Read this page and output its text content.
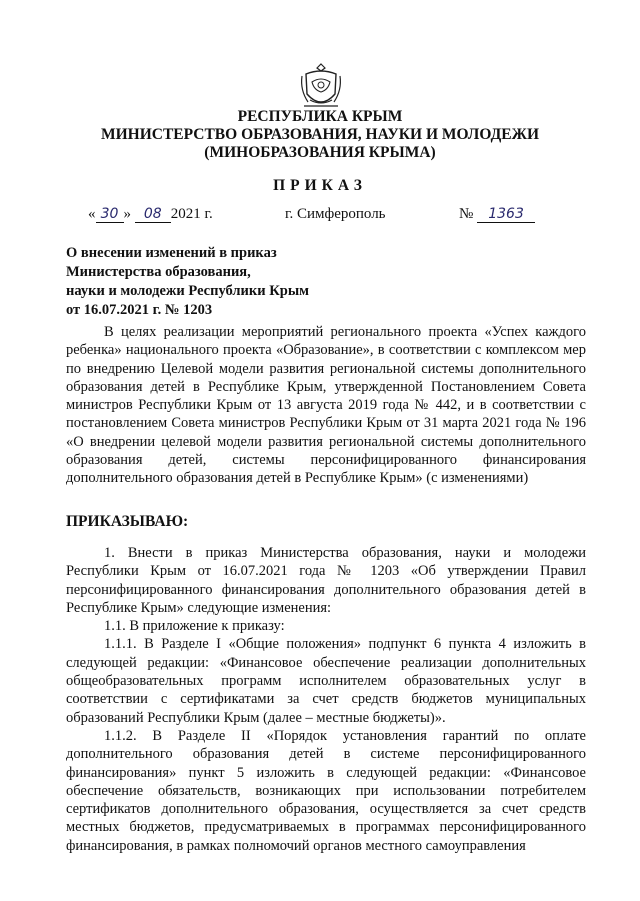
РЕСПУБЛИКА КРЫМ
МИНИСТЕРСТВО ОБРАЗОВАНИЯ, НАУКИ И МОЛОДЕЖИ
(МИНОБРАЗОВАНИЯ КРЫМА)
ПРИКАЗ
« 30 » 08 2021 г.	г. Симферополь	№ 1363
О внесении изменений в приказ
Министерства образования,
науки и молодежи Республики Крым
от 16.07.2021 г. № 1203

В целях реализации мероприятий регионального проекта «Успех каждого ребенка» национального проекта «Образование», в соответствии с комплексом мер по внедрению Целевой модели развития региональной системы дополнительного образования детей в Республике Крым, утвержденной Постановлением Совета министров Республики Крым от 13 августа 2019 года № 442, и в соответствии с постановлением Совета министров Республики Крым от 31 марта 2021 года № 196 «О внедрении целевой модели развития региональной системы дополнительного образования детей, системы персонифицированного финансирования дополнительного образования детей в Республике Крым» (с изменениями)

ПРИКАЗЫВАЮ:

1. Внести в приказ Министерства образования, науки и молодежи Республики Крым от 16.07.2021 года № 1203 «Об утверждении Правил персонифицированного финансирования дополнительного образования детей в Республике Крым» следующие изменения:

1.1. В приложение к приказу:

1.1.1. В Разделе I «Общие положения» подпункт 6 пункта 4 изложить в следующей редакции: «Финансовое обеспечение реализации дополнительных общеобразовательных программ исполнителем образовательных услуг в соответствии с сертификатами за счет средств бюджетов муниципальных образований Республики Крым (далее – местные бюджеты)».

1.1.2. В Разделе II «Порядок установления гарантий по оплате дополнительного образования детей в системе персонифицированного финансирования» пункт 5 изложить в следующей редакции: «Финансовое обеспечение обязательств, возникающих при использовании потребителем сертификатов дополнительного образования, осуществляется за счет средств местных бюджетов, предусматриваемых в программах персонифицированного финансирования, в рамках полномочий органов местного самоуправления
